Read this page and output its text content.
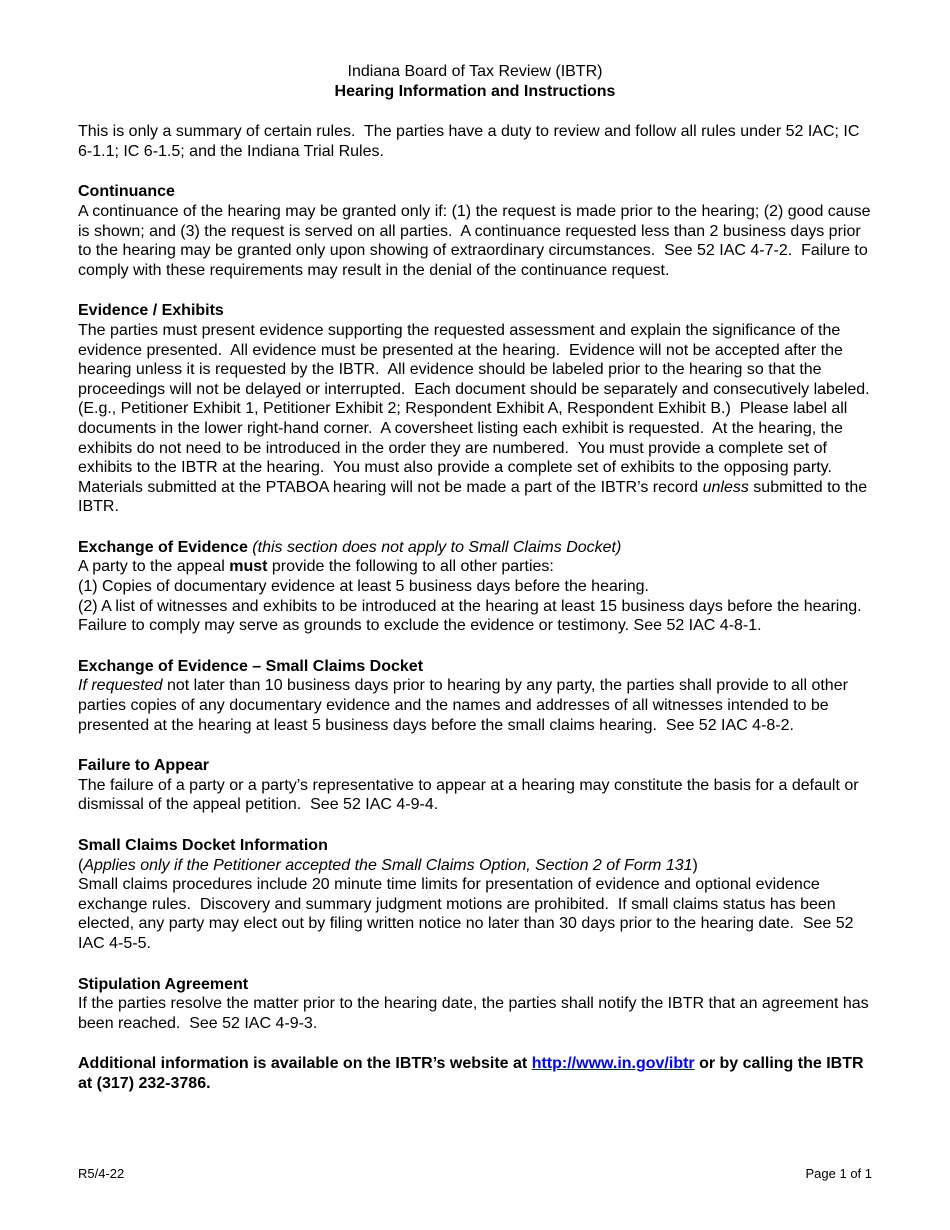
Indiana Board of Tax Review (IBTR)
Hearing Information and Instructions

This is only a summary of certain rules.  The parties have a duty to review and follow all rules under 52 IAC; IC 6-1.1; IC 6-1.5; and the Indiana Trial Rules.

Continuance

A continuance of the hearing may be granted only if: (1) the request is made prior to the hearing; (2) good cause is shown; and (3) the request is served on all parties.  A continuance requested less than 2 business days prior to the hearing may be granted only upon showing of extraordinary circumstances.  See 52 IAC 4-7-2.  Failure to comply with these requirements may result in the denial of the continuance request.

Evidence / Exhibits

The parties must present evidence supporting the requested assessment and explain the significance of the evidence presented.  All evidence must be presented at the hearing.  Evidence will not be accepted after the hearing unless it is requested by the IBTR.  All evidence should be labeled prior to the hearing so that the proceedings will not be delayed or interrupted.  Each document should be separately and consecutively labeled. (E.g., Petitioner Exhibit 1, Petitioner Exhibit 2; Respondent Exhibit A, Respondent Exhibit B.)  Please label all documents in the lower right-hand corner.  A coversheet listing each exhibit is requested.  At the hearing, the exhibits do not need to be introduced in the order they are numbered.  You must provide a complete set of exhibits to the IBTR at the hearing.  You must also provide a complete set of exhibits to the opposing party.  Materials submitted at the PTABOA hearing will not be made a part of the IBTR’s record unless submitted to the IBTR.

Exchange of Evidence (this section does not apply to Small Claims Docket)

A party to the appeal must provide the following to all other parties:

(1) Copies of documentary evidence at least 5 business days before the hearing.

(2) A list of witnesses and exhibits to be introduced at the hearing at least 15 business days before the hearing.

Failure to comply may serve as grounds to exclude the evidence or testimony. See 52 IAC 4-8-1.

Exchange of Evidence – Small Claims Docket

If requested not later than 10 business days prior to hearing by any party, the parties shall provide to all other parties copies of any documentary evidence and the names and addresses of all witnesses intended to be presented at the hearing at least 5 business days before the small claims hearing.  See 52 IAC 4-8-2.

Failure to Appear

The failure of a party or a party’s representative to appear at a hearing may constitute the basis for a default or dismissal of the appeal petition.  See 52 IAC 4-9-4.

Small Claims Docket Information
(Applies only if the Petitioner accepted the Small Claims Option, Section 2 of Form 131)

Small claims procedures include 20 minute time limits for presentation of evidence and optional evidence exchange rules.  Discovery and summary judgment motions are prohibited.  If small claims status has been elected, any party may elect out by filing written notice no later than 30 days prior to the hearing date.  See 52 IAC 4-5-5.

Stipulation Agreement

If the parties resolve the matter prior to the hearing date, the parties shall notify the IBTR that an agreement has been reached.  See 52 IAC 4-9-3.

Additional information is available on the IBTR’s website at http://www.in.gov/ibtr or by calling the IBTR at (317) 232-3786.

R5/4-22	Page 1 of 1
